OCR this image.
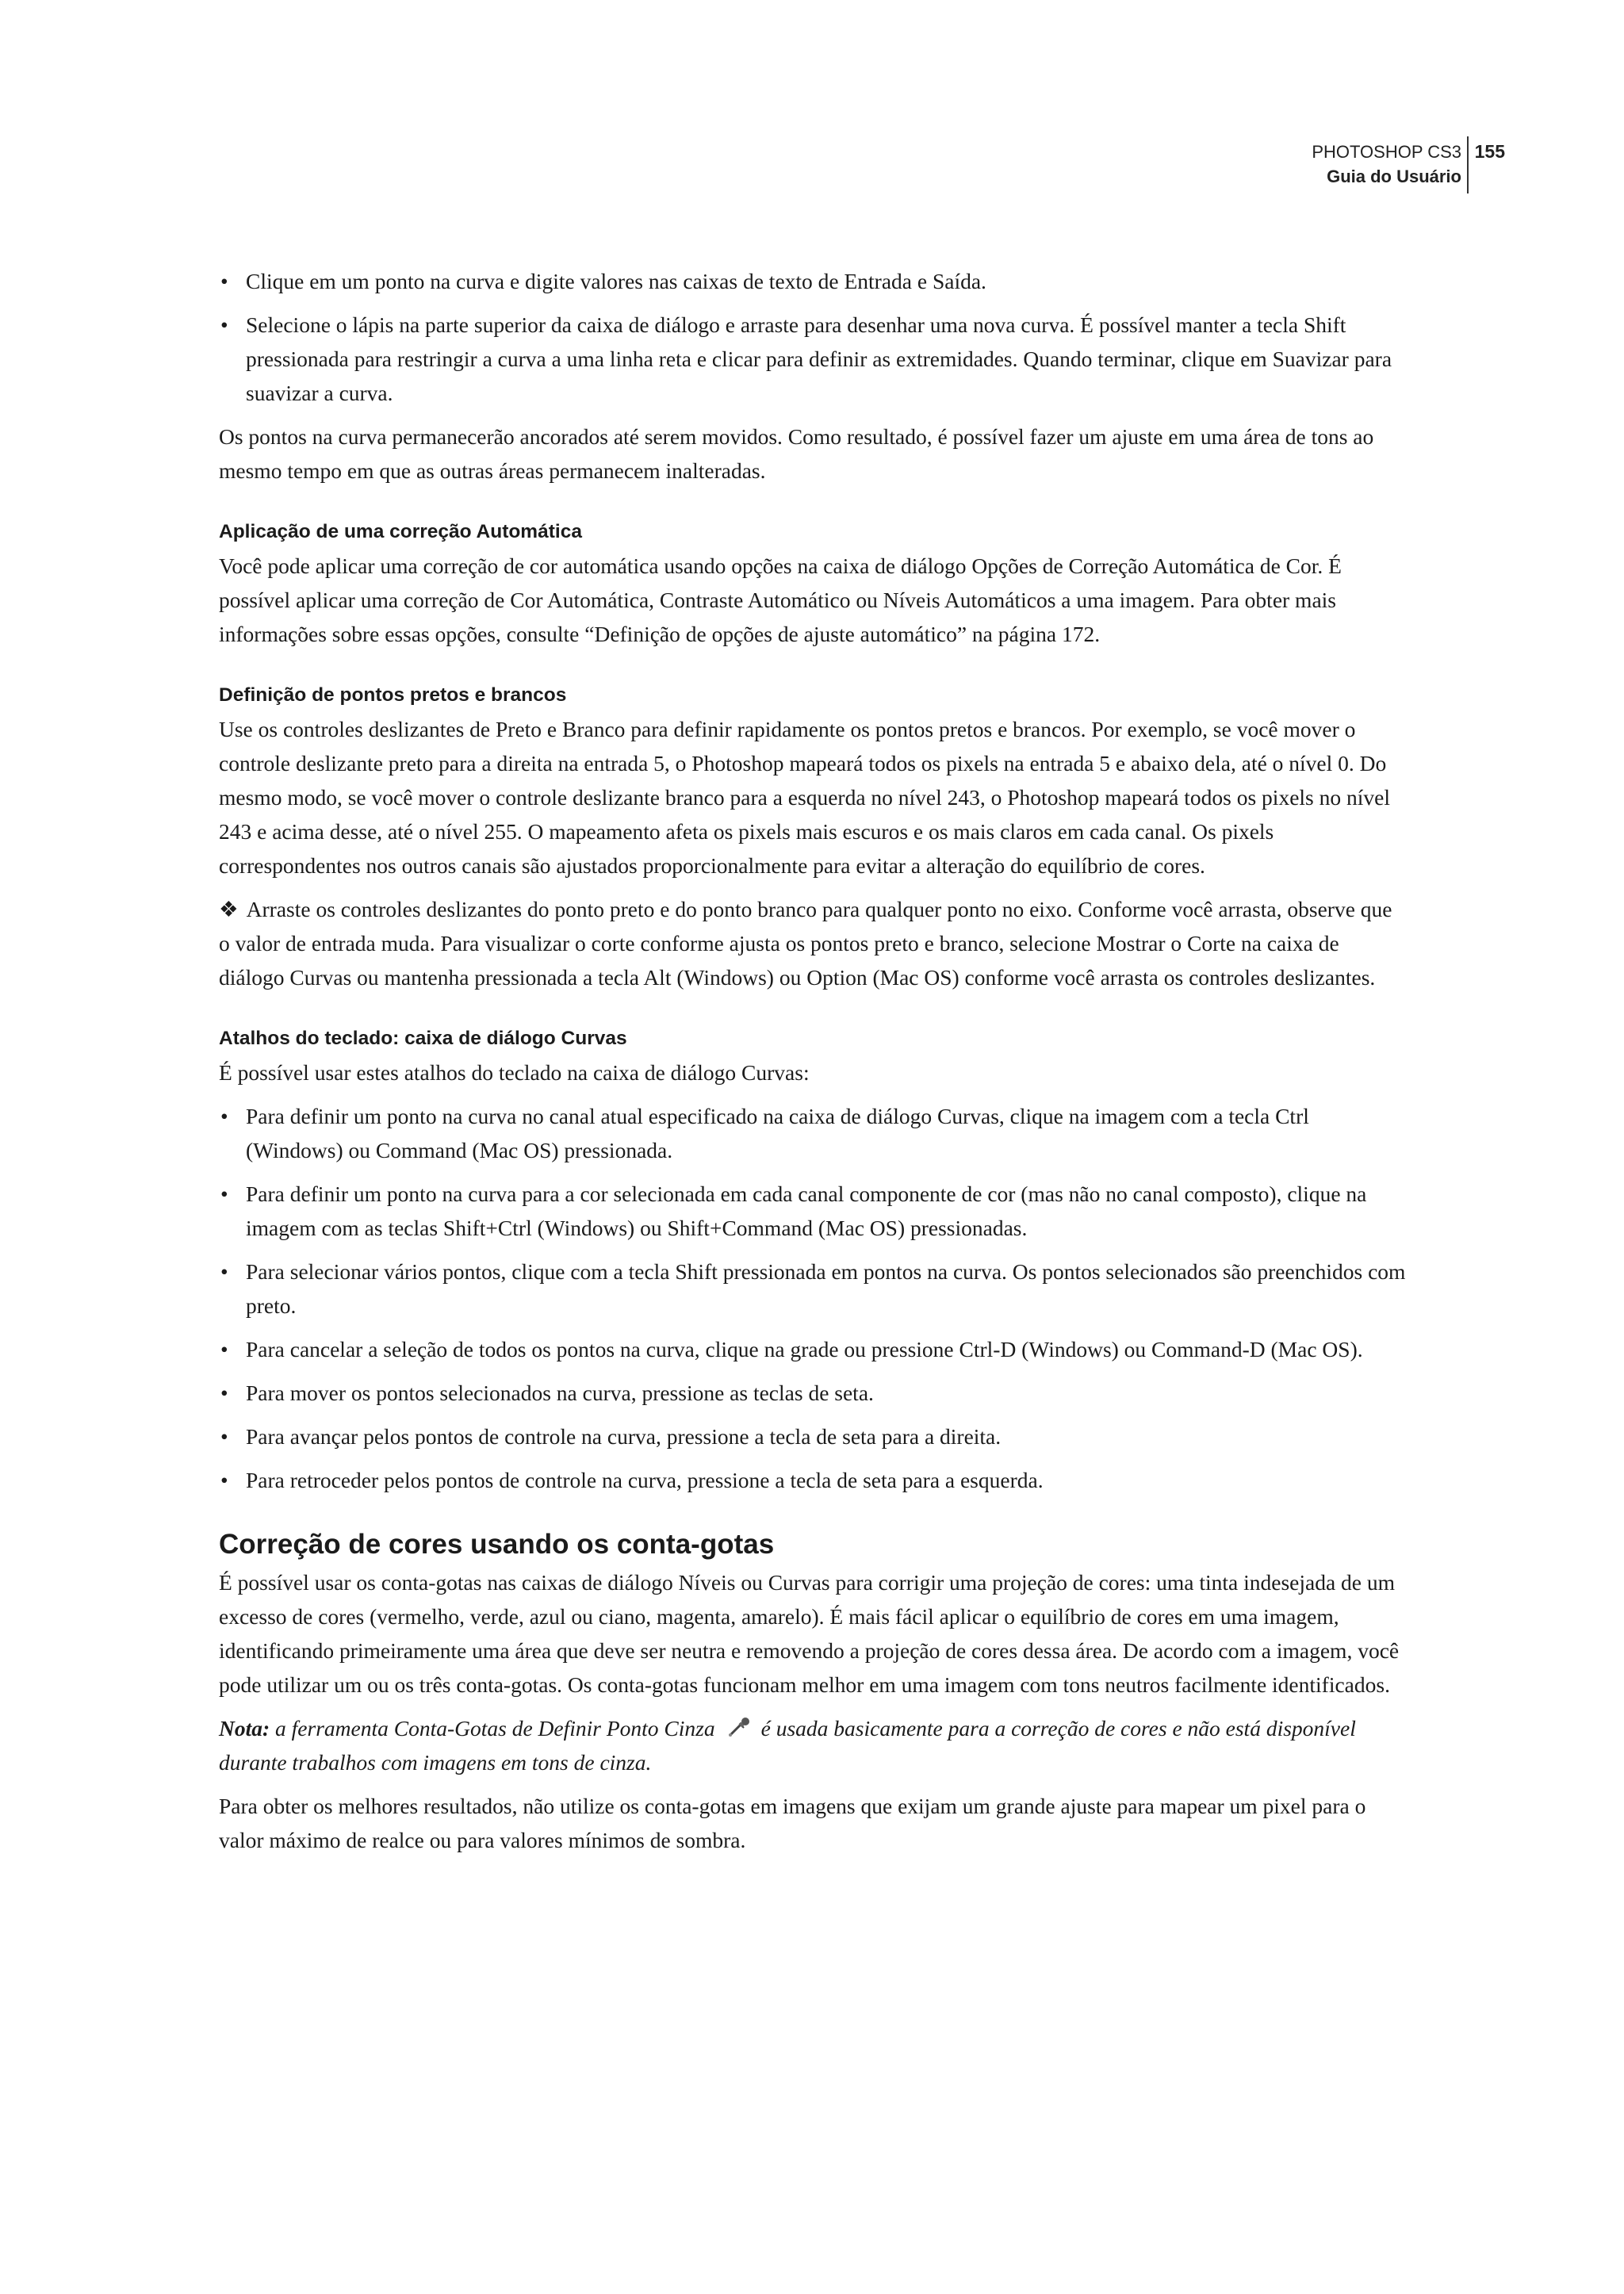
PHOTOSHOP CS3
Guia do Usuário
155
• Clique em um ponto na curva e digite valores nas caixas de texto de Entrada e Saída.
• Selecione o lápis na parte superior da caixa de diálogo e arraste para desenhar uma nova curva. É possível manter a tecla Shift pressionada para restringir a curva a uma linha reta e clicar para definir as extremidades. Quando terminar, clique em Suavizar para suavizar a curva.

Os pontos na curva permanecerão ancorados até serem movidos. Como resultado, é possível fazer um ajuste em uma área de tons ao mesmo tempo em que as outras áreas permanecem inalteradas.

Aplicação de uma correção Automática

Você pode aplicar uma correção de cor automática usando opções na caixa de diálogo Opções de Correção Automática de Cor. É possível aplicar uma correção de Cor Automática, Contraste Automático ou Níveis Automáticos a uma imagem. Para obter mais informações sobre essas opções, consulte “Definição de opções de ajuste automático” na página 172.

Definição de pontos pretos e brancos

Use os controles deslizantes de Preto e Branco para definir rapidamente os pontos pretos e brancos. Por exemplo, se você mover o controle deslizante preto para a direita na entrada 5, o Photoshop mapeará todos os pixels na entrada 5 e abaixo dela, até o nível 0. Do mesmo modo, se você mover o controle deslizante branco para a esquerda no nível 243, o Photoshop mapeará todos os pixels no nível 243 e acima desse, até o nível 255. O mapeamento afeta os pixels mais escuros e os mais claros em cada canal. Os pixels correspondentes nos outros canais são ajustados proporcionalmente para evitar a alteração do equilíbrio de cores.

❖ Arraste os controles deslizantes do ponto preto e do ponto branco para qualquer ponto no eixo. Conforme você arrasta, observe que o valor de entrada muda. Para visualizar o corte conforme ajusta os pontos preto e branco, selecione Mostrar o Corte na caixa de diálogo Curvas ou mantenha pressionada a tecla Alt (Windows) ou Option (Mac OS) conforme você arrasta os controles deslizantes.

Atalhos do teclado: caixa de diálogo Curvas

É possível usar estes atalhos do teclado na caixa de diálogo Curvas:

• Para definir um ponto na curva no canal atual especificado na caixa de diálogo Curvas, clique na imagem com a tecla Ctrl (Windows) ou Command (Mac OS) pressionada.
• Para definir um ponto na curva para a cor selecionada em cada canal componente de cor (mas não no canal composto), clique na imagem com as teclas Shift+Ctrl (Windows) ou Shift+Command (Mac OS) pressionadas.
• Para selecionar vários pontos, clique com a tecla Shift pressionada em pontos na curva. Os pontos selecionados são preenchidos com preto.
• Para cancelar a seleção de todos os pontos na curva, clique na grade ou pressione Ctrl-D (Windows) ou Command-D (Mac OS).
• Para mover os pontos selecionados na curva, pressione as teclas de seta.
• Para avançar pelos pontos de controle na curva, pressione a tecla de seta para a direita.
• Para retroceder pelos pontos de controle na curva, pressione a tecla de seta para a esquerda.
Correção de cores usando os conta-gotas

É possível usar os conta-gotas nas caixas de diálogo Níveis ou Curvas para corrigir uma projeção de cores: uma tinta indesejada de um excesso de cores (vermelho, verde, azul ou ciano, magenta, amarelo). É mais fácil aplicar o equilíbrio de cores em uma imagem, identificando primeiramente uma área que deve ser neutra e removendo a projeção de cores dessa área. De acordo com a imagem, você pode utilizar um ou os três conta-gotas. Os conta-gotas funcionam melhor em uma imagem com tons neutros facilmente identificados.

Nota: a ferramenta Conta-Gotas de Definir Ponto Cinza é usada basicamente para a correção de cores e não está disponível durante trabalhos com imagens em tons de cinza.

Para obter os melhores resultados, não utilize os conta-gotas em imagens que exijam um grande ajuste para mapear um pixel para o valor máximo de realce ou para valores mínimos de sombra.
